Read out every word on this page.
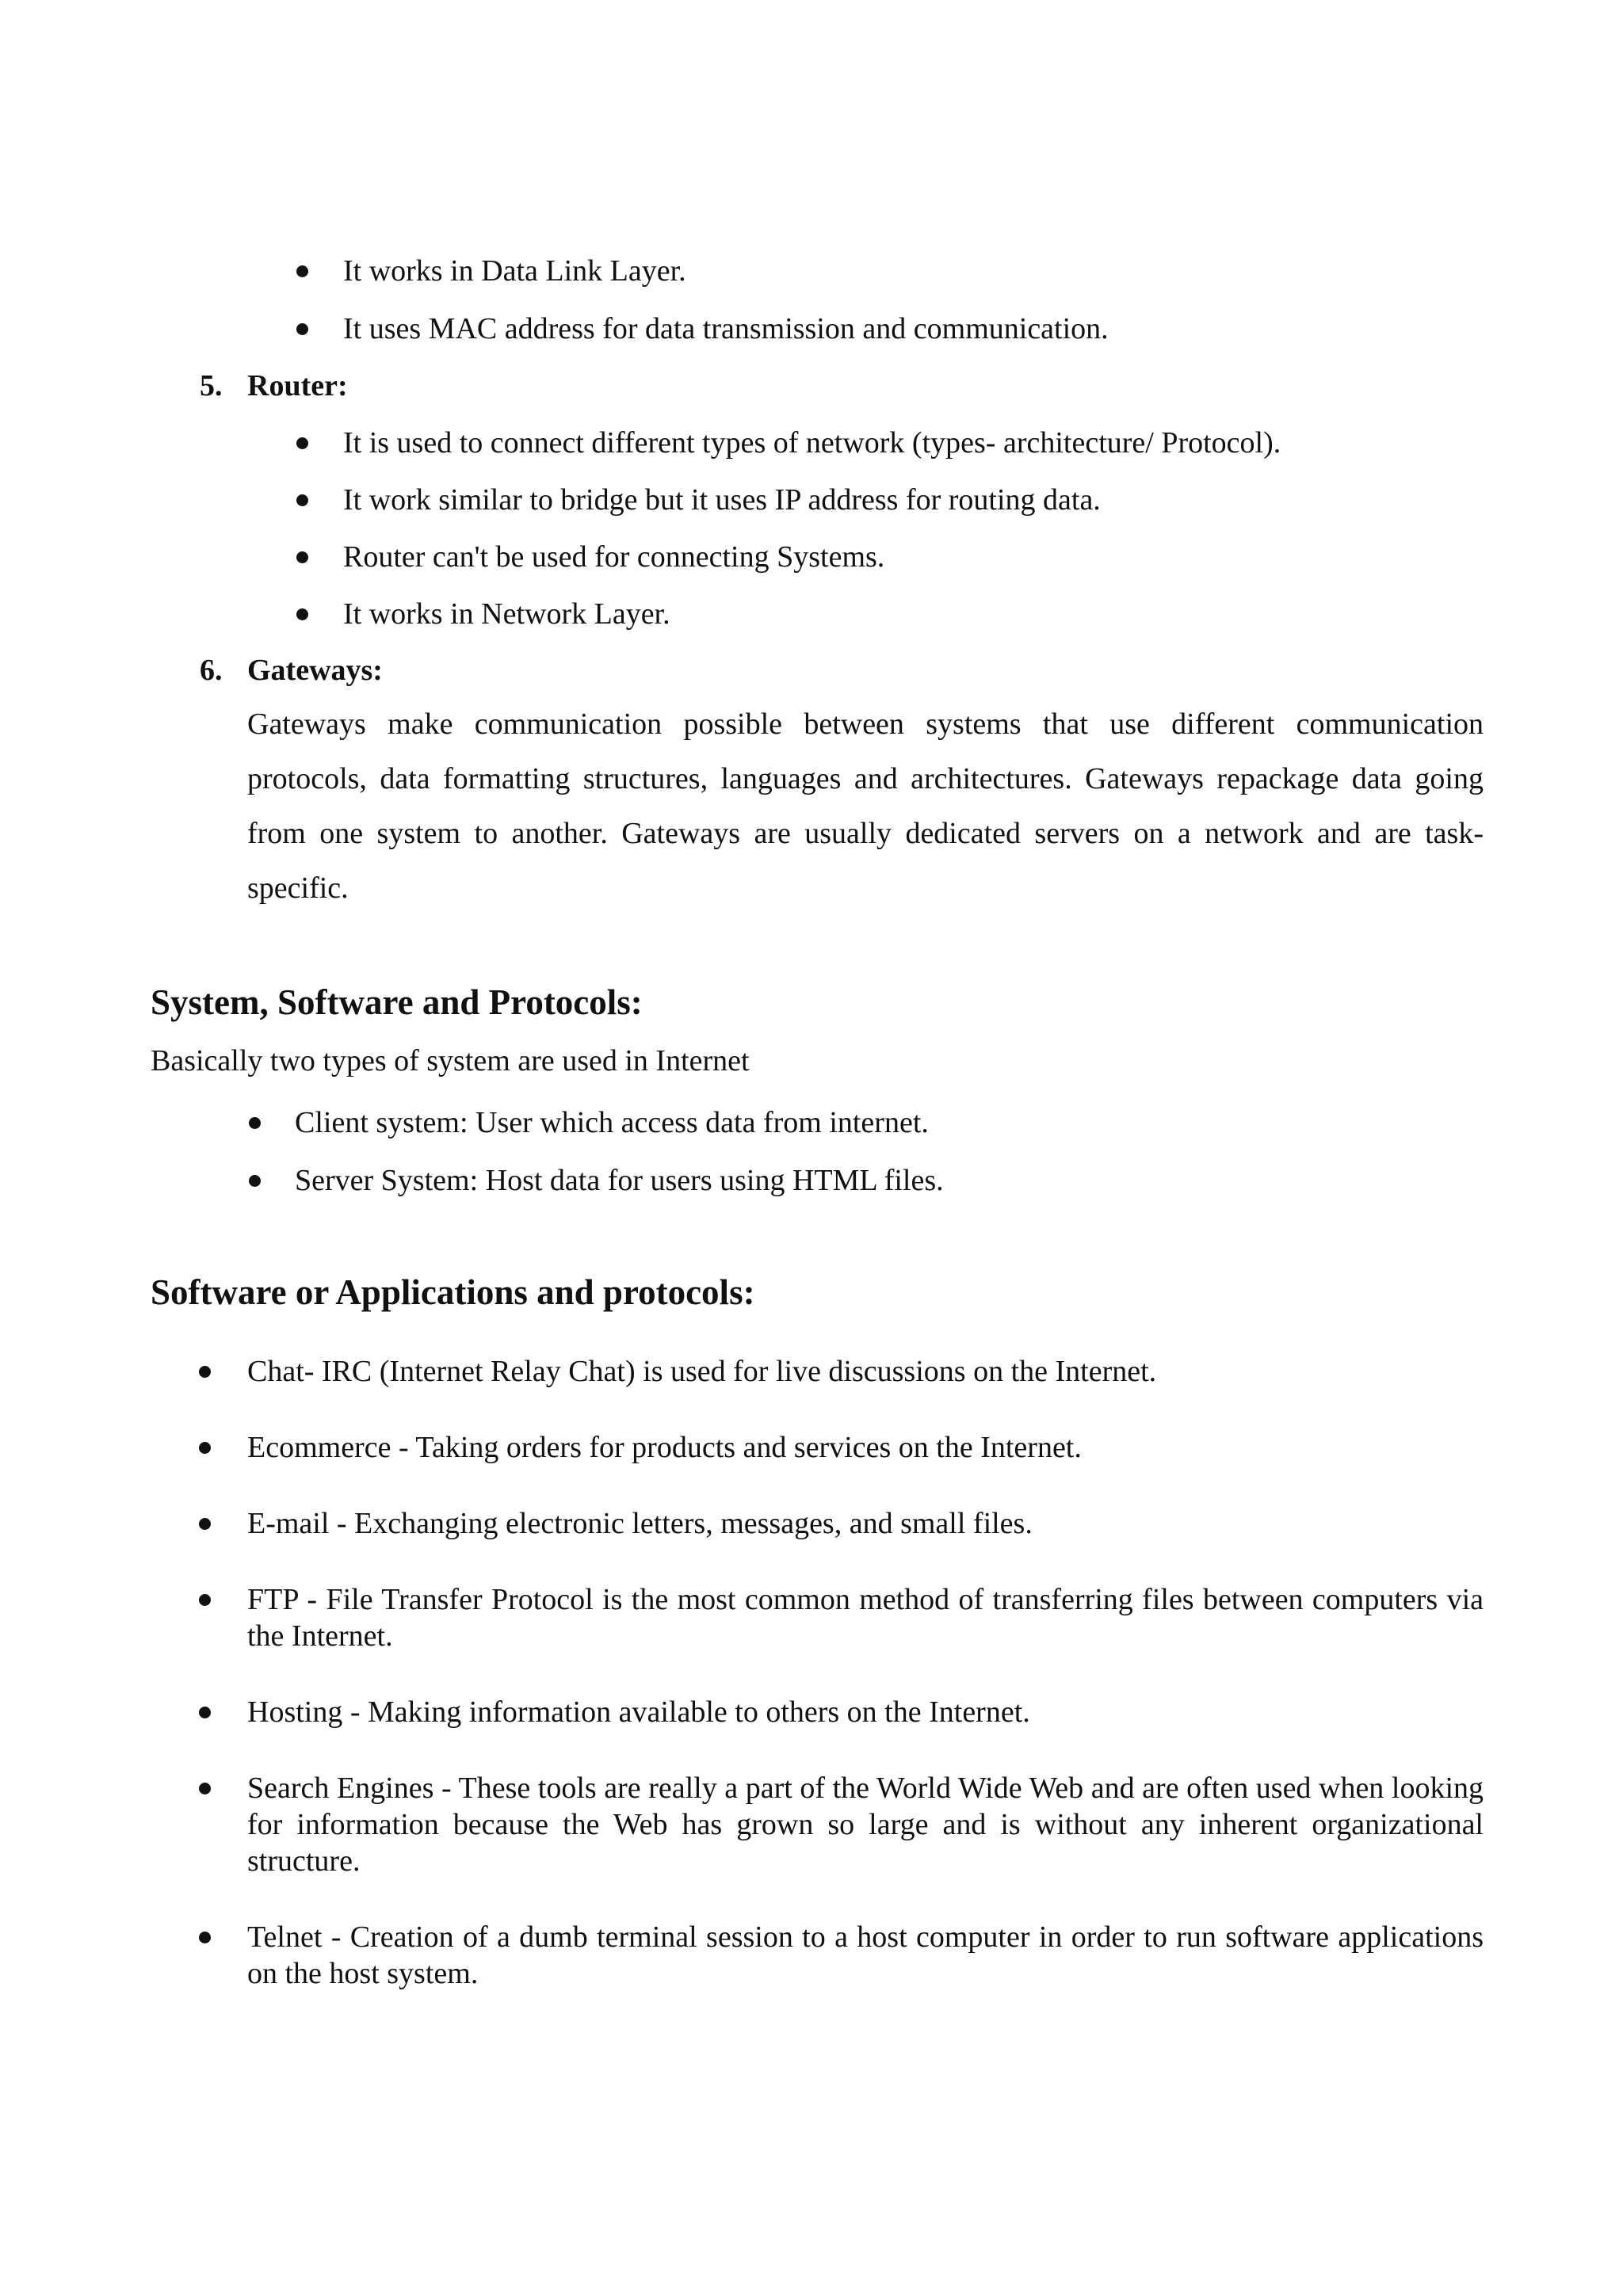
It works in Data Link Layer.
It uses MAC address for data transmission and communication.
5. Router:
It is used to connect different types of network (types- architecture/ Protocol).
It work similar to bridge but it uses IP address for routing data.
Router can't be used for connecting Systems.
It works in Network Layer.
6. Gateways:
Gateways make communication possible between systems that use different communication protocols, data formatting structures, languages and architectures. Gateways repackage data going from one system to another. Gateways are usually dedicated servers on a network and are task-specific.
System, Software and Protocols:
Basically two types of system are used in Internet
Client system: User which access data from internet.
Server System: Host data for users using HTML files.
Software or Applications and protocols:
Chat- IRC (Internet Relay Chat) is used for live discussions on the Internet.
Ecommerce - Taking orders for products and services on the Internet.
E-mail - Exchanging electronic letters, messages, and small files.
FTP - File Transfer Protocol is the most common method of transferring files between computers via the Internet.
Hosting - Making information available to others on the Internet.
Search Engines - These tools are really a part of the World Wide Web and are often used when looking for information because the Web has grown so large and is without any inherent organizational structure.
Telnet - Creation of a dumb terminal session to a host computer in order to run software applications on the host system.
